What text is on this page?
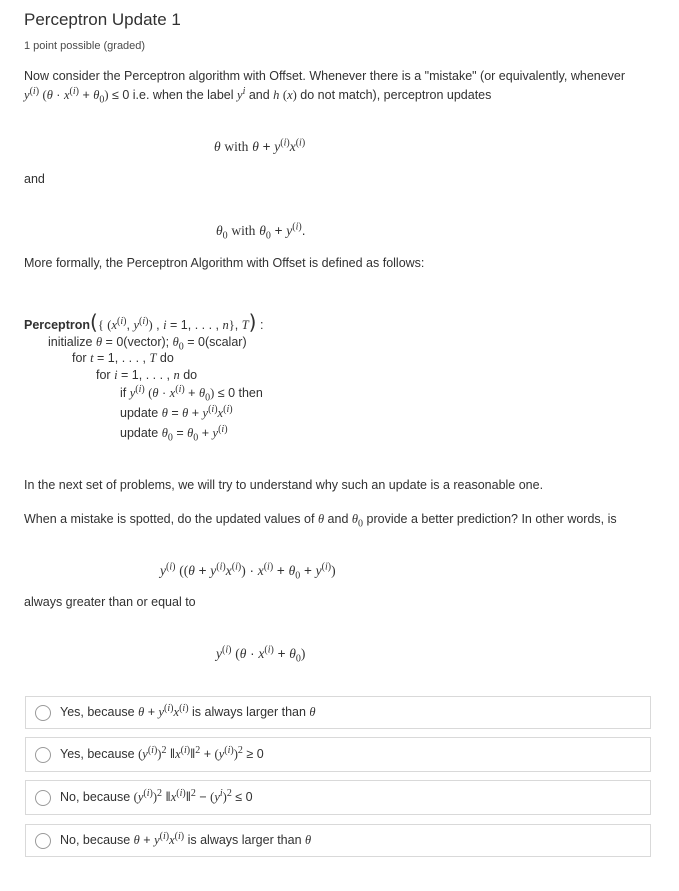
Perceptron Update 1
1 point possible (graded)
Now consider the Perceptron algorithm with Offset. Whenever there is a "mistake" (or equivalently, whenever
$y^{(i)}$ $(\theta \cdot x^{(i)} + \theta_0) \le 0$ i.e. when the label $y^i$ and h (x) do not match), perceptron updates
θ with $\theta + y^{(i)}x^{(i)}$
and
$\theta_0$ with $\theta_0 + y^{(i)}$.
More formally, the Perceptron Algorithm with Offset is defined as follows:
Perceptron({ ($x^{(i)}$, $y^{(i)}$) , i = 1, . . . , n}, T) :
initialize θ = 0(vector); $\theta_0$ = 0(scalar)
for t = 1, . . . , T do
for i = 1, . . . , n do
if $y^{(i)}$ $(\theta \cdot x^{(i)} + \theta_0) \le 0$ then
update $\theta = \theta + y^{(i)}x^{(i)}$
update $\theta_0 = \theta_0 + y^{(i)}$
In the next set of problems, we will try to understand why such an update is a reasonable one.
When a mistake is spotted, do the updated values of θ and $\theta_0$ provide a better prediction? In other words, is
$y^{(i)}$ $((\theta + y^{(i)}x^{(i)}) \cdot x^{(i)} + \theta_0 + y^{(i)})$
always greater than or equal to
$y^{(i)}$ $(\theta \cdot x^{(i)} + \theta_0)$
Yes, because $\theta + y^{(i)}x^{(i)}$ is always larger than θ
Yes, because $(y^{(i)})^2$ $‖x^{(i)}‖^2 + (y^{(i)})^2 \ge 0$
No, because $(y^{(i)})^2$ $‖x^{(i)}‖^2 - (y^i)^2 \le 0$
No, because $\theta + y^{(i)}x^{(i)}$ is always larger than θ
